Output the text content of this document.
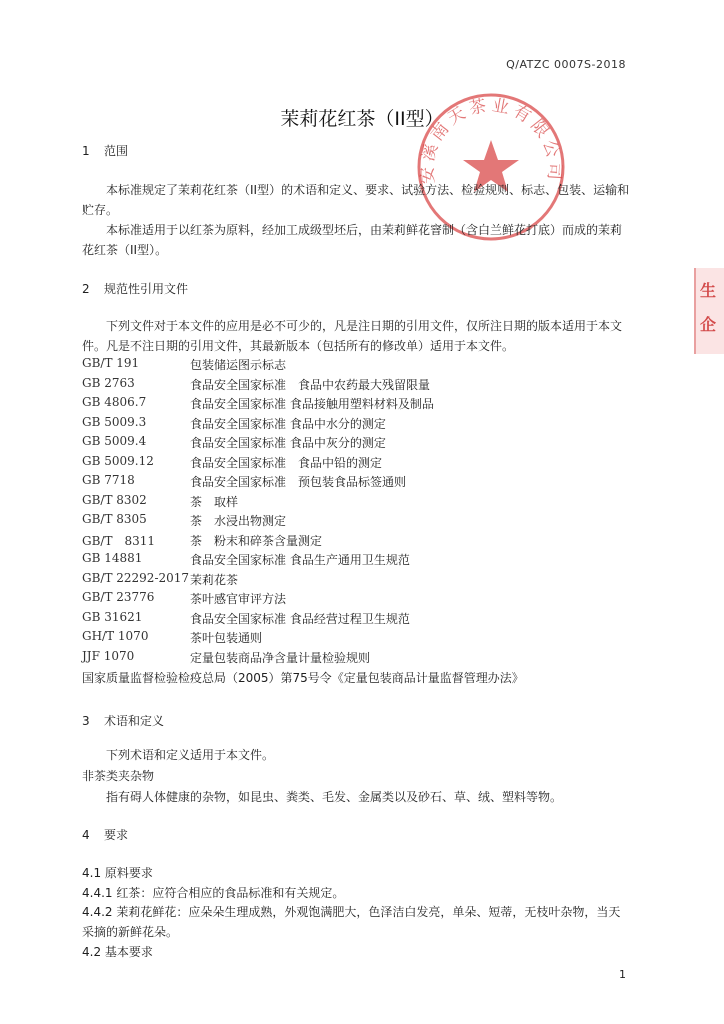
Q/ATZC 0007S-2018
安溪南天茶业有限公司
茉莉花红茶（II型）
1 范围
本标准规定了茉莉花红茶（II型）的术语和定义、要求、试验方法、检验规则、标志、包装、运输和贮存。
本标准适用于以红茶为原料，经加工成级型坯后，由茉莉鲜花窨制（含白兰鲜花打底）而成的茉莉花红茶（II型）。
2 规范性引用文件
下列文件对于本文件的应用是必不可少的，凡是注日期的引用文件，仅所注日期的版本适用于本文件。凡是不注日期的引用文件，其最新版本（包括所有的修改单）适用于本文件。
GB/T 191	包装储运图示标志
GB 2763	食品安全国家标准　食品中农药最大残留限量
GB 4806.7	食品安全国家标准 食品接触用塑料材料及制品
GB 5009.3	食品安全国家标准 食品中水分的测定
GB 5009.4	食品安全国家标准 食品中灰分的测定
GB 5009.12	食品安全国家标准　食品中铅的测定
GB 7718	食品安全国家标准　预包装食品标签通则
GB/T 8302	茶　取样
GB/T 8305	茶　水浸出物测定
GB/T　8311	茶　粉末和碎茶含量测定
GB 14881	食品安全国家标准 食品生产通用卫生规范
GB/T 22292-2017 茉莉花茶
GB/T 23776	茶叶感官审评方法
GB 31621	食品安全国家标准 食品经营过程卫生规范
GH/T 1070	茶叶包装通则
JJF 1070	定量包装商品净含量计量检验规则
国家质量监督检验检疫总局（2005）第75号令《定量包装商品计量监督管理办法》
3 术语和定义
下列术语和定义适用于本文件。
非茶类夹杂物
指有碍人体健康的杂物，如昆虫、粪类、毛发、金属类以及砂石、草、绒、塑料等物。
4 要求
4.1 原料要求
4.4.1 红茶：应符合相应的食品标准和有关规定。
4.4.2 茉莉花鲜花：应朵朵生理成熟，外观饱满肥大，色泽洁白发亮，单朵、短蒂，无枝叶杂物，当天采摘的新鲜花朵。
4.2 基本要求
生
企
1
